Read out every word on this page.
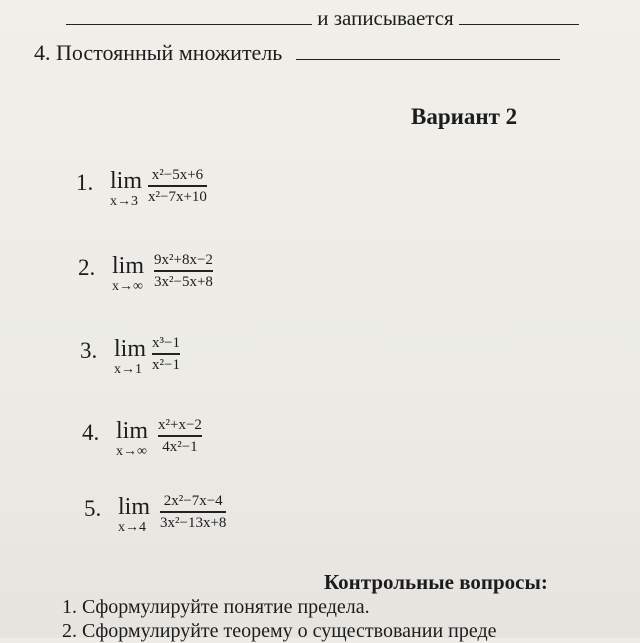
и записывается
4. Постоянный множитель
Вариант 2
1. lim
x→3
x²−5x+6
x²−7x+10
2. lim
x→∞
9x²+8x−2
3x²−5x+8
3. lim
x→1
x³−1
x²−1
4. lim
x→∞
x²+x−2
4x²−1
5. lim
x→4
2x²−7x−4
3x²−13x+8
Контрольные вопросы:
1. Сформулируйте понятие предела.
2. Сформулируйте теорему о существовании преде
